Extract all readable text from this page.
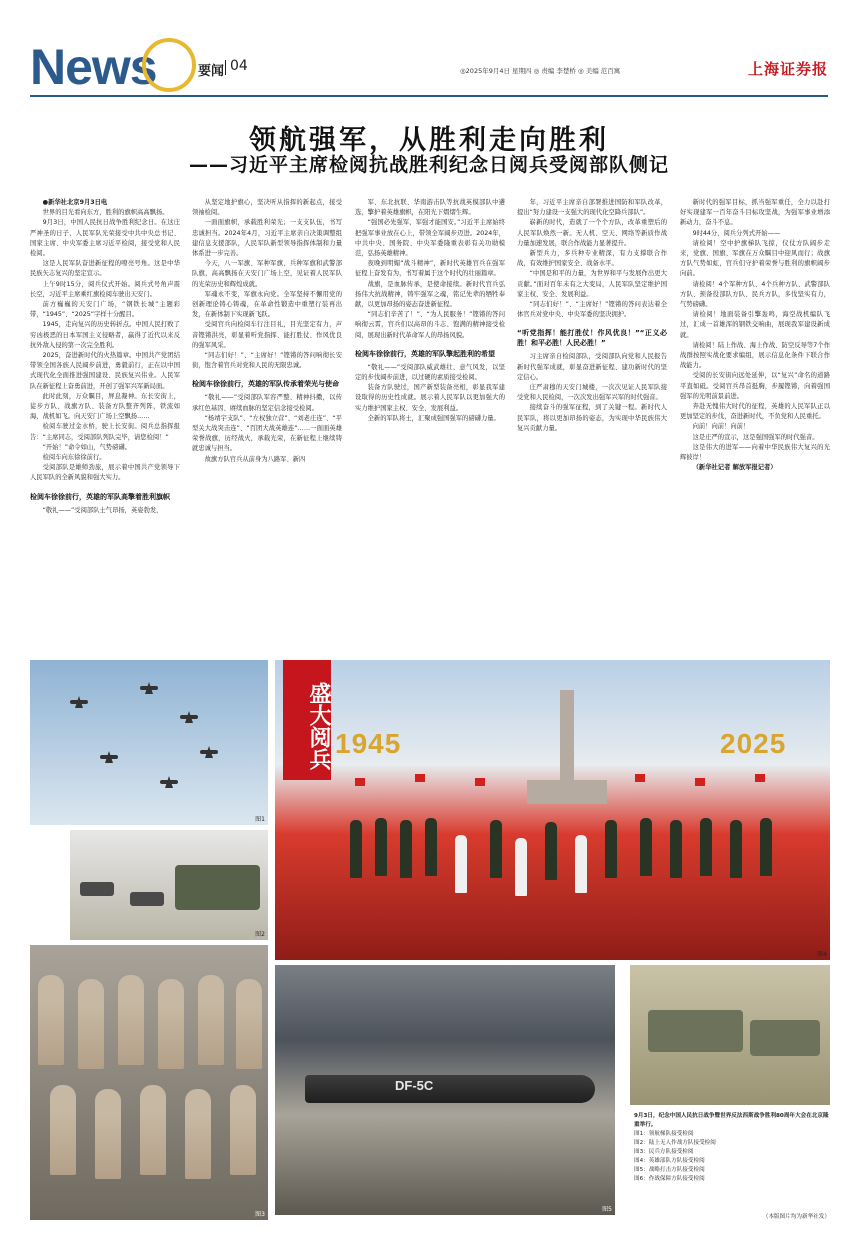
News	要闻 04	◎2025年9月4日 星期四 ◎ 责编 李楚桥 ◎ 美编 范百寓	上海证券报
领航强军，从胜利走向胜利
——习近平主席检阅抗战胜利纪念日阅兵受阅部队侧记

●新华社北京9月3日电

世界的目光看向东方，胜利的旗帜高高飘扬。

9月3日，中国人民抗日战争胜利纪念日。在这庄严神圣的日子，人民军队光荣接受中共中央总书记、国家主席、中央军委主席习近平检阅，接受党和人民检阅。

这是人民军队奋进新征程的嘹亮号角。这是中华民族矢志复兴的坚定宣示。

上午9时15分，阅兵仪式开始。阅兵式号角声震长空，习近平主席乘红旗检阅车驶出天安门。

前方巍巍的天安门广场，“钢铁长城”主题彩带，“1945”、“2025”字样十分醒目。

1945，走向复兴的历史转折点。中国人民打败了穷凶极恶的日本军国主义侵略者，赢得了近代以来反抗外敌入侵的第一次完全胜利。

2025，奋进新时代的火热篇章。中国共产党团结带领全国各族人民阔步前进，勇毅前行，正在以中国式现代化全面推进强国建设、民族复兴伟业。人民军队在新征程上奋勇前进，开创了强军兴军新局面。

此时此刻，万众瞩目，屏息凝神。东长安街上，徒步方队、战旗方队、装备方队整齐列阵，铁流如海，战机如飞。向天安门广场上空飘扬……

检阅车驶过金水桥，驶上长安街。阅兵总指挥报告：“主席同志，受阅部队列队完毕，请您检阅！”

“开始！”命令如山，气势磅礴。

检阅车向东徐徐前行。

受阅部队是雄师劲旅，展示着中国共产党领导下人民军队的全新风貌和强大实力。

检阅车徐徐前行，英雄的军队高擎着胜利旗帜

“敬礼——”受阅部队士气昂扬，英姿勃发，

从坚定地护旗心，坚决听从指挥的新起点，接受领袖检阅。

一面面旗帜，承载胜利荣光；一支支队伍，书写忠诚担当。2024年4月，习近平主席亲自决策调整组建信息支援部队，人民军队新型领导指挥体制和力量体系进一步完善。

今天，八一军旗、军种军旗、兵种军旗和武警部队旗，高高飘扬在天安门广场上空，见证着人民军队的光荣历史和辉煌成就。

军魂永不变，军旗永向党。全军坚持不懈用党的创新理论铸心铸魂，在革命性锻造中重塑行装再出发，在新体制下实现新飞跃。

受阅官兵向检阅车行注目礼，目光坚定有力，声音铿锵洪亮，彰显着听党指挥、能打胜仗、作风优良的强军风采。

“同志们好！”、“主席好！”铿锵的答问响彻长安街，饱含着官兵对党和人民的无限忠诚。

检阅车徐徐前行，英雄的军队传承着荣光与使命

“敬礼——”受阅部队军容严整、精神抖擞，以传承红色基因、赓续血脉的坚定信念接受检阅。

“杨靖宇支队”、“左权独立营”、“刘老庄连”、“平型关大战突击连”、“百团大战英雄连”……一面面英雄荣誉战旗，历经战火，承载光荣，在新征程上继续铸就忠诚与担当。

故旗方队官兵从前身为八路军、新四

军、东北抗联、华南游击队等抗战英模部队中遴选，擎护着英雄旗帜，在阳光下熠熠生辉。

“强国必先强军，军强才能国安。”习近平主席始终把强军事业放在心上，带领全军阔步迈进。2024年，中共中央、国务院、中央军委隆重表彰有关功勋模范，弘扬英雄精神。

夜晚到明媚“战斗精神”，新时代英雄官兵在强军征程上奋发有为，书写着属于这个时代的壮丽篇章。

战旗，是血脉传承，是使命接续。新时代官兵弘扬伟大抗战精神，铸牢强军之魂，铭记先辈的牺牲奉献，以更加昂扬的姿态奋进新征程。

“同志们辛苦了！”、“为人民服务！”铿锵的答问响彻云霄，官兵们以高昂的斗志、饱满的精神接受检阅，展现出新时代革命军人的昂扬风貌。

检阅车徐徐前行，英雄的军队擎起胜利的希望

“敬礼——”受阅部队威武雄壮、意气风发，以坚定的步伐阔步前进，以过硬的素质接受检阅。

装备方队驶过，国产新型装备亮相，彰显我军建设取得的历史性成就。展示着人民军队以更加强大的实力维护国家主权、安全、发展利益。

全新的军队将士，汇聚成强国强军的磅礴力量。

年，习近平主席亲自部署推进国防和军队改革，提出“努力建设一支强大的现代化空降兵部队”。

崭新的时代，造就了一个个方队，改革重塑后的人民军队焕然一新。无人机、空天、网络等新质作战力量加速发展，联合作战能力显著提升。

新型兵力，多兵种专业精深，有力支撑联合作战，有效维护国家安全、战备水平。

“中国是和平的力量，为世界和平与发展作出更大贡献。”面对百年未有之大变局，人民军队坚定维护国家主权、安全、发展利益。

“同志们好！”、“主席好！”铿锵的答问表达着全体官兵对党中央、中央军委的坚决拥护。

“听党指挥！能打胜仗！作风优良！”“正义必胜！和平必胜！人民必胜！”

习主席亲自检阅部队，受阅部队向党和人民报告新时代强军成就，彰显奋进新征程、建功新时代的坚定信心。

庄严肃穆的天安门城楼，一次次见证人民军队接受党和人民检阅，一次次发出强军兴军的时代强音。

接续奋斗的强军征程，到了关键一程。新时代人民军队，将以更加昂扬的姿态，为实现中华民族伟大复兴贡献力量。

新时代的强军目标，抓当强军重任，全力以赴打好实现建军一百年奋斗目标攻坚战，为强军事业增添新动力，奋斗不息。

9时44分，阅兵分列式开始——

请检阅！空中护旗梯队飞掠，仪仗方队阔步走来，党旗、国旗、军旗在万众瞩目中迎风而行；战旗方队气势如虹，官兵们守护着荣誉与胜利的旗帜阔步向前。

请检阅！4个军种方队、4个兵种方队、武警部队方队、预备役部队方队、民兵方队，多伐坚实有力，气势磅礴。

请检阅！地面装备引擎轰鸣，海空战机编队飞过，汇成一首雄浑的钢铁交响曲，展现我军建设新成就。

请检阅！陆上作战、海上作战、防空反导等7个作战群按照实战化要求编组，展示信息化条件下联合作战能力。

受阅的长安街向远处延伸，以“复兴”命名的道路平直如砥。受阅官兵昂首挺胸，步履铿锵，向着强国强军的光明前景前进。

奔赴无愧伟大时代的征程，英雄的人民军队正以更加坚定的步伐，奋进新时代，不负党和人民重托。

向前！向前！向前！

这是庄严的宣示，这是强国强军的时代强音。

这是伟大的进军——向着中华民族伟大复兴的光辉彼岸！

（新华社记者 解放军报记者）

图1
图2
图3
1945	2025
图4
盛大阅兵
DF-5C
图5
9月3日，纪念中国人民抗日战争暨世界反法西斯战争胜利80周年大会在北京隆重举行。
图1：领航梯队接受检阅
图2：陆上无人作战方队接受检阅
图3：民兵方队接受检阅
图4：英雄部队方队接受检阅
图5：战略打击方队接受检阅
图6：作战保障方队接受检阅
（本版图片均为新华社发）
